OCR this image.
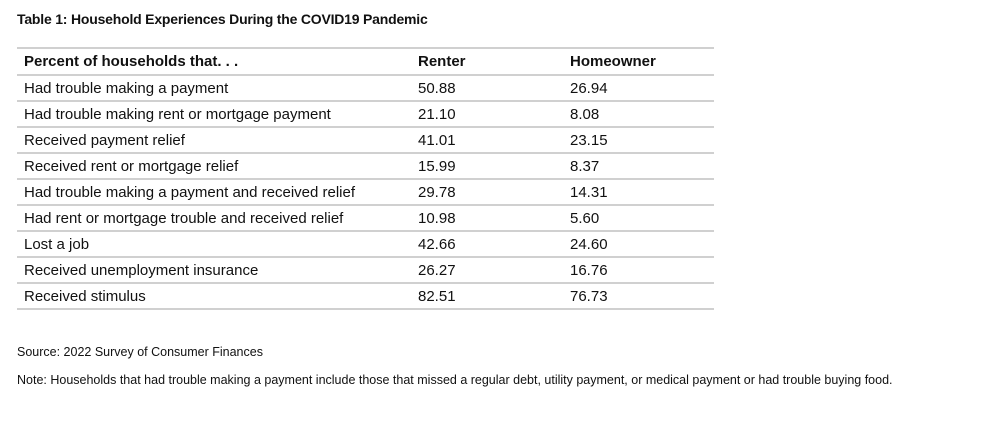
Table 1: Household Experiences During the COVID19 Pandemic
Percent of households that. . .	Renter	Homeowner
Had trouble making a payment	50.88	26.94
Had trouble making rent or mortgage payment	21.10	8.08
Received payment relief	41.01	23.15
Received rent or mortgage relief	15.99	8.37
Had trouble making a payment and received relief	29.78	14.31
Had rent or mortgage trouble and received relief	10.98	5.60
Lost a job	42.66	24.60
Received unemployment insurance	26.27	16.76
Received stimulus	82.51	76.73
Source: 2022 Survey of Consumer Finances
Note: Households that had trouble making a payment include those that missed a regular debt, utility payment, or medical payment or had trouble buying food.
